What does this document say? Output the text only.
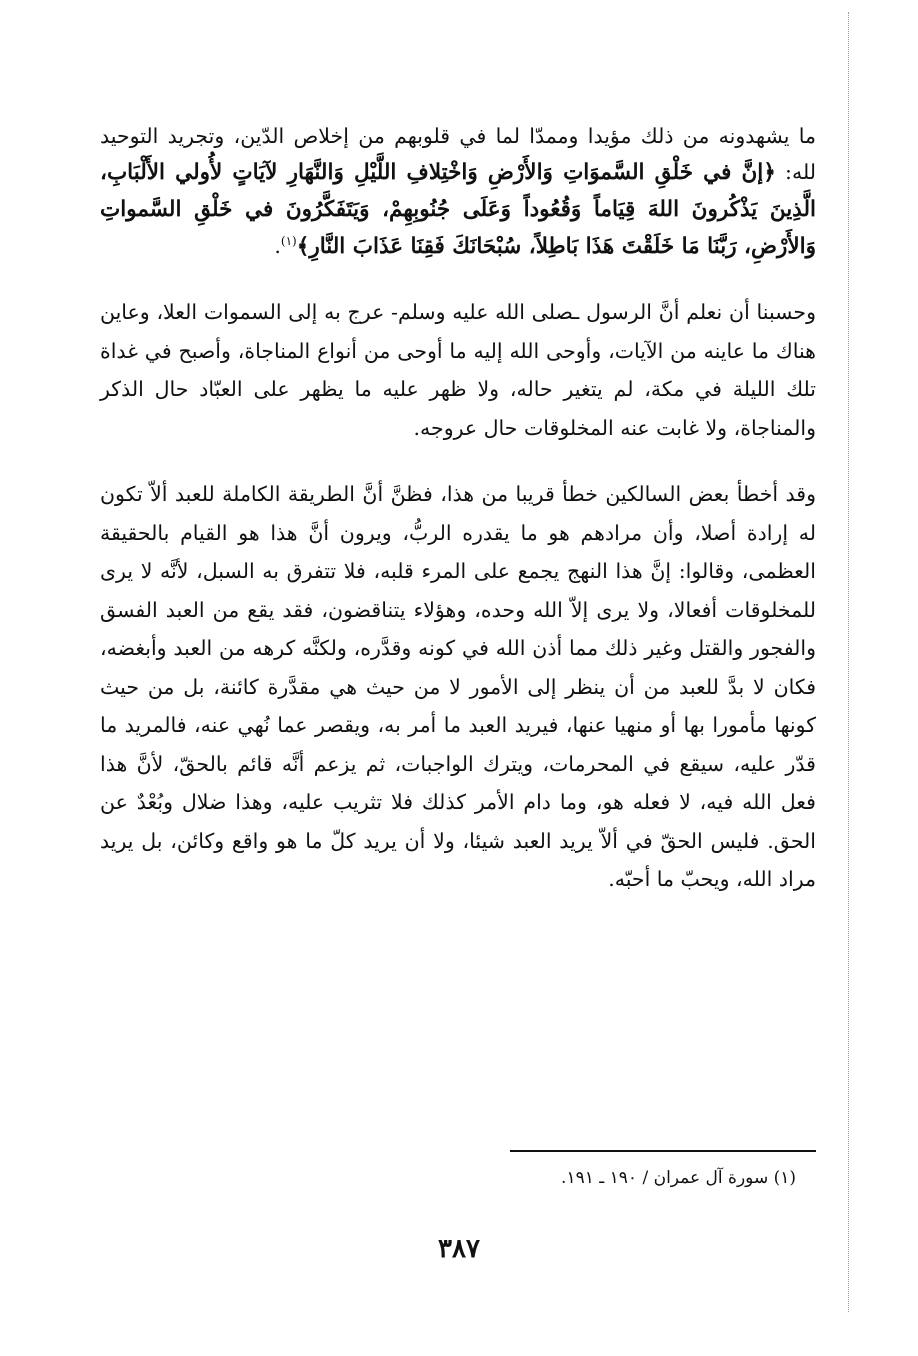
ما يشهدونه من ذلك مؤيدا وممدّا لما في قلوبهم من إخلاص الدّين، وتجريد التوحيد لله: ﴿إنَّ في خَلْقِ السَّموَاتِ وَالأَرْضِ وَاخْتِلافِ اللَّيْلِ وَالنَّهَارِ لآيَاتٍ لأُولي الأَلْبَابِ، الَّذِينَ يَذْكُرونَ اللهَ قِيَاماً وَقُعُوداً وَعَلَى جُنُوبِهِمْ، وَيَتَفَكَّرُونَ في خَلْقِ السَّمواتِ وَالأَرْضِ، رَبَّنَا مَا خَلَقْتَ هَذَا بَاطِلاً، سُبْحَانَكَ فَقِنَا عَذَابَ النَّارِ﴾$^{(١)}$.

وحسبنا أن نعلم أنَّ الرسول ـصلى الله عليه وسلم- عرج به إلى السموات العلا، وعاين هناك ما عاينه من الآيات، وأوحى الله إليه ما أوحى من أنواع المناجاة، وأصبح في غداة تلك الليلة في مكة، لم يتغير حاله، ولا ظهر عليه ما يظهر على العبّاد حال الذكر والمناجاة، ولا غابت عنه المخلوقات حال عروجه.

وقد أخطأ بعض السالكين خطأ قريبا من هذا، فظنَّ أنَّ الطريقة الكاملة للعبد ألاّ تكون له إرادة أصلا، وأن مرادهم هو ما يقدره الربُّ، ويرون أنَّ هذا هو القيام بالحقيقة العظمى، وقالوا: إنَّ هذا النهج يجمع على المرء قلبه، فلا تتفرق به السبل، لأنَّه لا يرى للمخلوقات أفعالا، ولا يرى إلاّ الله وحده، وهؤلاء يتناقضون، فقد يقع من العبد الفسق والفجور والقتل وغير ذلك مما أذن الله في كونه وقدَّره، ولكنَّه كرهه من العبد وأبغضه، فكان لا بدَّ للعبد من أن ينظر إلى الأمور لا من حيث هي مقدَّرة كائنة، بل من حيث كونها مأمورا بها أو منهيا عنها، فيريد العبد ما أمر به، ويقصر عما نُهي عنه، فالمريد ما قدّر عليه، سيقع في المحرمات، ويترك الواجبات، ثم يزعم أنَّه قائم بالحقّ، لأنَّ هذا فعل الله فيه، لا فعله هو، وما دام الأمر كذلك فلا تثريب عليه، وهذا ضلال وبُعْدٌ عن الحق. فليس الحقّ في ألاّ يريد العبد شيئا، ولا أن يريد كلّ ما هو واقع وكائن، بل يريد مراد الله، ويحبّ ما أحبّه.

(١) سورة آل عمران / ١٩٠ ـ ١٩١.
٣٨٧
